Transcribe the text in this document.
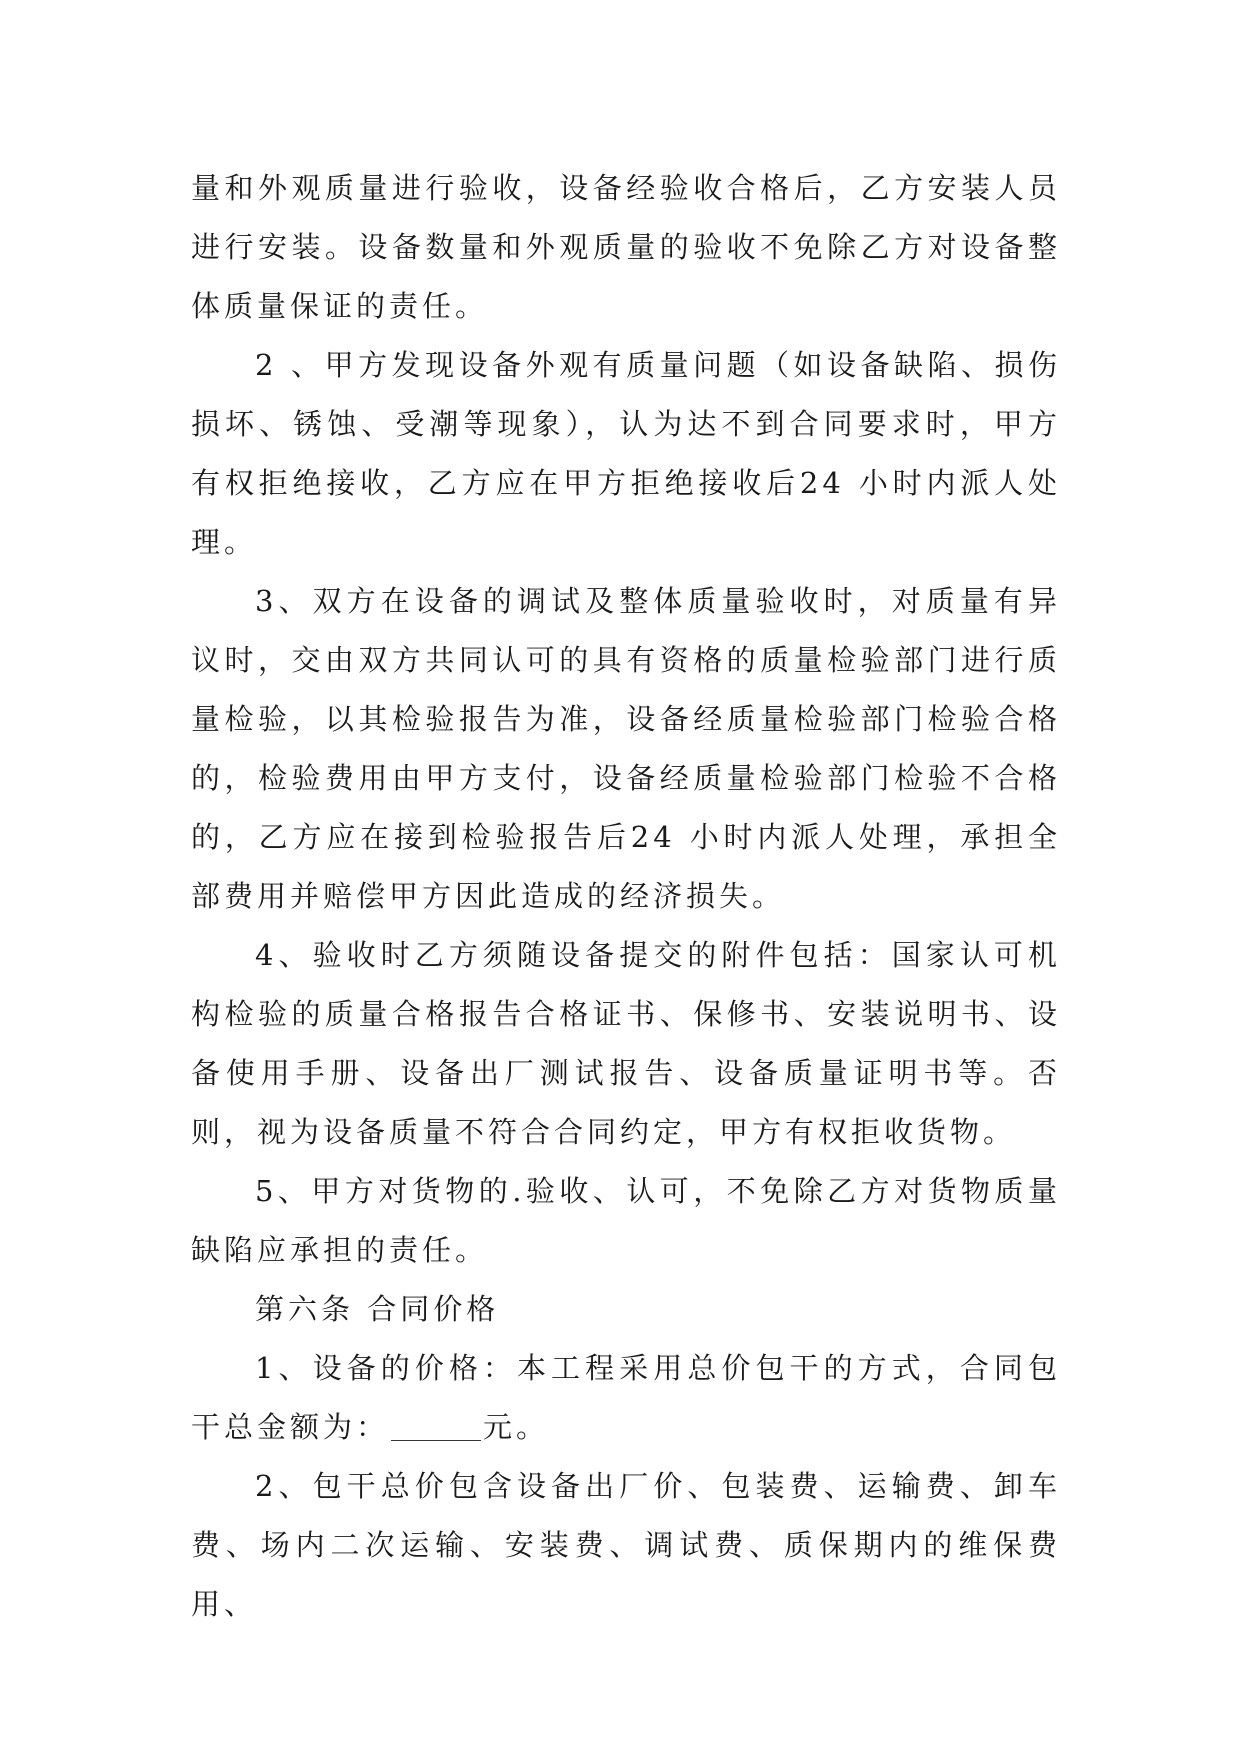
量和外观质量进行验收，设备经验收合格后，乙方安装人员进行安装。设备数量和外观质量的验收不免除乙方对设备整体质量保证的责任。

2 、甲方发现设备外观有质量问题（如设备缺陷、损伤损坏、锈蚀、受潮等现象），认为达不到合同要求时，甲方有权拒绝接收，乙方应在甲方拒绝接收后24 小时内派人处理。

3、双方在设备的调试及整体质量验收时，对质量有异议时，交由双方共同认可的具有资格的质量检验部门进行质量检验，以其检验报告为准，设备经质量检验部门检验合格的，检验费用由甲方支付，设备经质量检验部门检验不合格的，乙方应在接到检验报告后24 小时内派人处理，承担全部费用并赔偿甲方因此造成的经济损失。

4、验收时乙方须随设备提交的附件包括：国家认可机构检验的质量合格报告合格证书、保修书、安装说明书、设备使用手册、设备出厂测试报告、设备质量证明书等。否则，视为设备质量不符合合同约定，甲方有权拒收货物。

5、甲方对货物的.验收、认可，不免除乙方对货物质量缺陷应承担的责任。

第六条 合同价格

1、设备的价格：本工程采用总价包干的方式，合同包干总金额为：	元。

2、包干总价包含设备出厂价、包装费、运输费、卸车费、场内二次运输、安装费、调试费、质保期内的维保费用、
